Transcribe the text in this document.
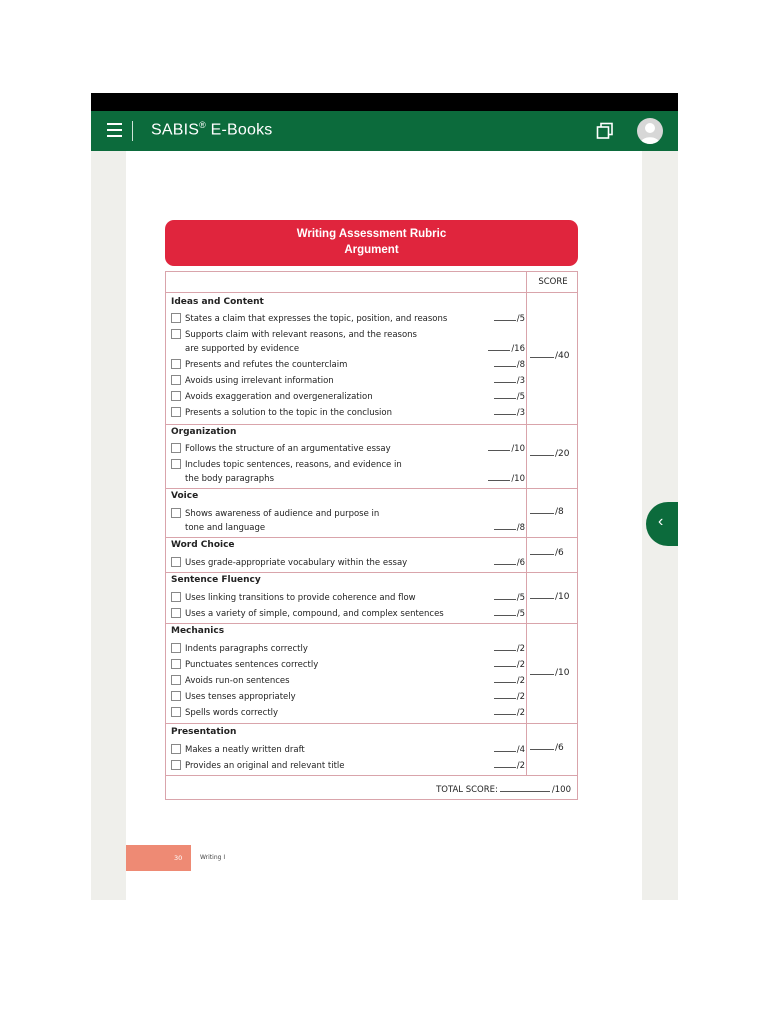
SABIS® E-Books
‹
Writing Assessment Rubric
Argument
SCORE
Ideas and Content
States a claim that expresses the topic, position, and reasons	/5
Supports claim with relevant reasons, and the reasons
are supported by evidence	/16
Presents and refutes the counterclaim	/8
Avoids using irrelevant information	/3
Avoids exaggeration and overgeneralization	/5
Presents a solution to the topic in the conclusion	/3
/40
Organization
Follows the structure of an argumentative essay	/10
Includes topic sentences, reasons, and evidence in
the body paragraphs	/10
/20
Voice
Shows awareness of audience and purpose in
tone and language	/8
/8
Word Choice
Uses grade-appropriate vocabulary within the essay	/6
/6
Sentence Fluency
Uses linking transitions to provide coherence and flow	/5
Uses a variety of simple, compound, and complex sentences	/5
/10
Mechanics
Indents paragraphs correctly	/2
Punctuates sentences correctly	/2
Avoids run-on sentences	/2
Uses tenses appropriately	/2
Spells words correctly	/2
/10
Presentation
Makes a neatly written draft	/4
Provides an original and relevant title	/2
/6
TOTAL SCORE:	/100
30	Writing I
